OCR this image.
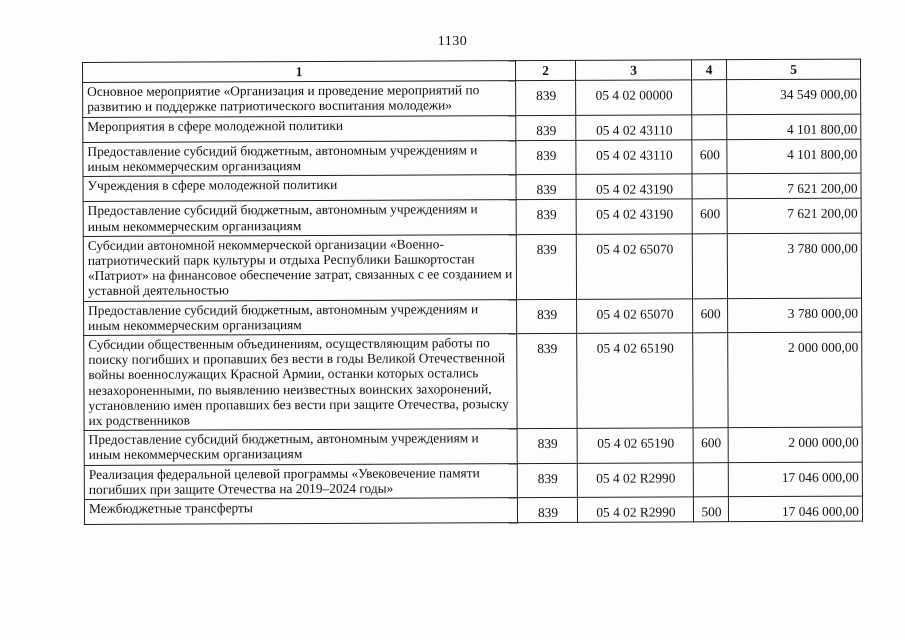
1130
1	2	3	4	5

Основное мероприятие «Организация и проведение мероприятий по развитию и поддержке патриотического воспитания молодежи»	839	05 4 02 00000		34 549 000,00

Мероприятия в сфере молодежной политики	839	05 4 02 43110		4 101 800,00

Предоставление субсидий бюджетным, автономным учреждениям и иным некоммерческим организациям	839	05 4 02 43110	600	4 101 800,00

Учреждения в сфере молодежной политики	839	05 4 02 43190		7 621 200,00

Предоставление субсидий бюджетным, автономным учреждениям и иным некоммерческим организациям	839	05 4 02 43190	600	7 621 200,00

Субсидии автономной некоммерческой организации «Военно-патриотический парк культуры и отдыха Республики Башкортостан «Патриот» на финансовое обеспечение затрат, связанных с ее созданием и уставной деятельностью	839	05 4 02 65070		3 780 000,00

Предоставление субсидий бюджетным, автономным учреждениям и иным некоммерческим организациям	839	05 4 02 65070	600	3 780 000,00

Субсидии общественным объединениям, осуществляющим работы по поиску погибших и пропавших без вести в годы Великой Отечественной войны военнослужащих Красной Армии, останки которых остались незахороненными, по выявлению неизвестных воинских захоронений, установлению имен пропавших без вести при защите Отечества, розыску их родственников	839	05 4 02 65190		2 000 000,00

Предоставление субсидий бюджетным, автономным учреждениям и иным некоммерческим организациям	839	05 4 02 65190	600	2 000 000,00

Реализация федеральной целевой программы «Увековечение памяти погибших при защите Отечества на 2019–2024 годы»	839	05 4 02 R2990		17 046 000,00

Межбюджетные трансферты	839	05 4 02 R2990	500	17 046 000,00
